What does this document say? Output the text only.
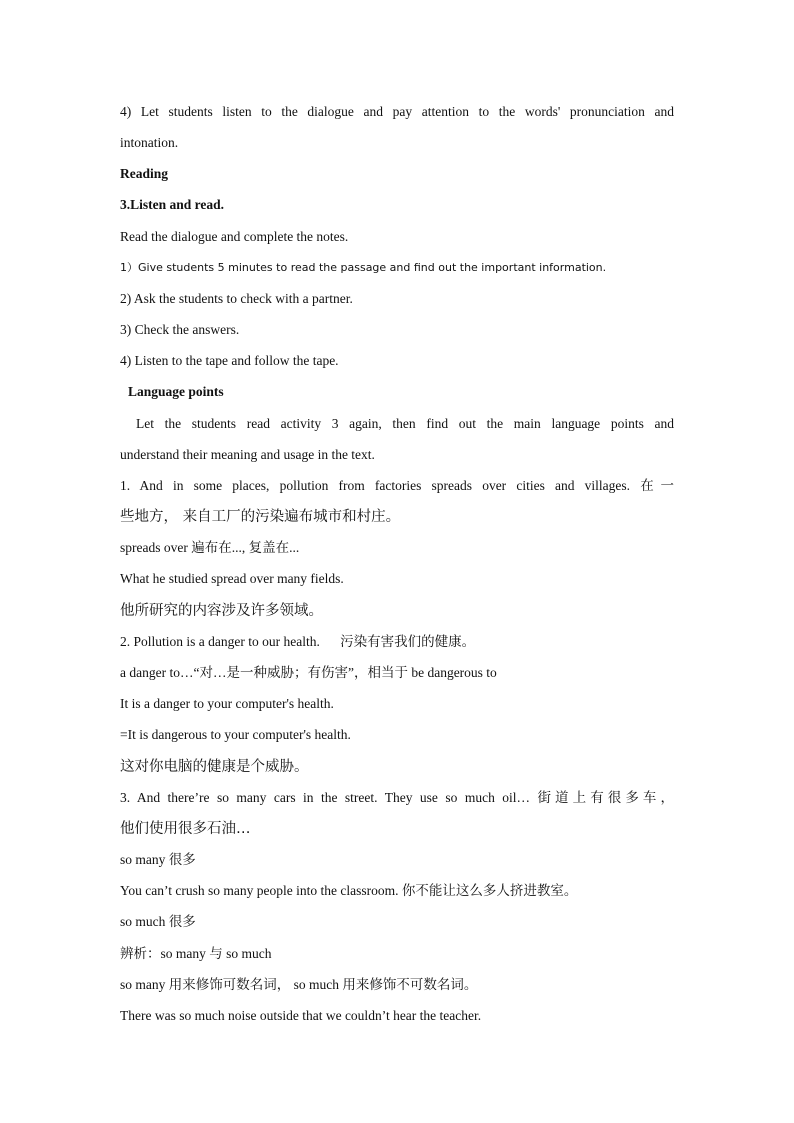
4) Let students listen to the dialogue and pay attention to the words' pronunciation and
intonation.
Reading
3.Listen and read.
Read the dialogue and complete the notes.
1）Give students 5 minutes to read the passage and find out the important information.
2) Ask the students to check with a partner.
3) Check the answers.
4) Listen to the tape and follow the tape.
Language points
Let the students read activity 3 again, then find out the main language points and
understand their meaning and usage in the text.
1. And in some places, pollution from factories spreads over cities and villages. 在一
些地方， 来自工厂的污染遍布城市和村庄。
spreads over 遍布在..., 复盖在...
What he studied spread over many fields.
他所研究的内容涉及许多领域。
2. Pollution is a danger to our health.      污染有害我们的健康。
a danger to…“对…是一种威胁；有伤害”，相当于 be dangerous to
It is a danger to your computer's health.
=It is dangerous to your computer's health.
这对你电脑的健康是个威胁。
3. And there’re so many cars in the street. They use so much oil… 街道上有很多车，
他们使用很多石油…
so many 很多
You can’t crush so many people into the classroom. 你不能让这么多人挤进教室。
so much 很多
辨析：so many 与 so much
so many 用来修饰可数名词， so much 用来修饰不可数名词。
There was so much noise outside that we couldn’t hear the teacher.
